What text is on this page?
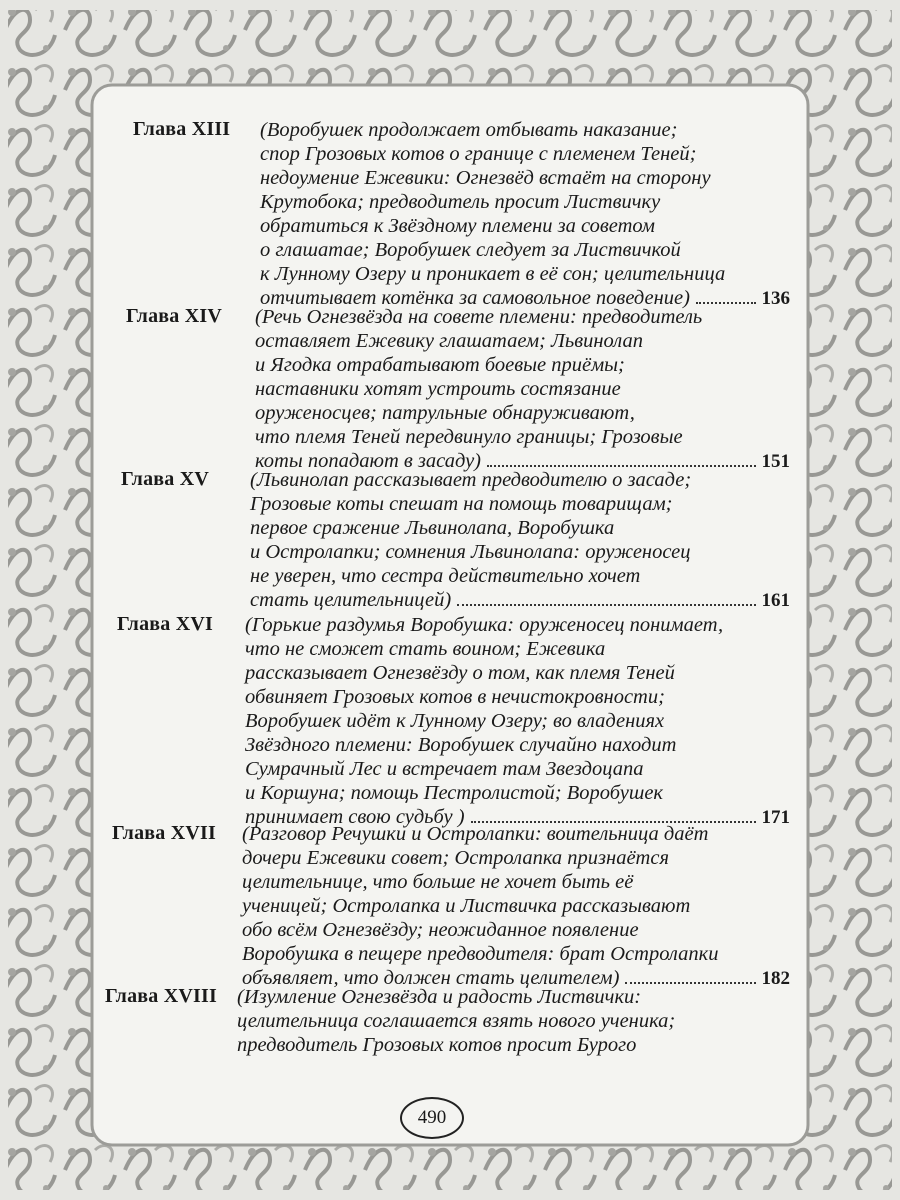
Глава XIII (Воробушек продолжает отбывать наказание;
спор Грозовых котов о границе с племенем Теней;
недоумение Ежевики: Огнезвёд встаёт на сторону
Крутобока; предводитель просит Листвичку
обратиться к Звёздному племени за советом
о глашатае; Воробушек следует за Листвичкой
к Лунному Озеру и проникает в её сон; целительница
отчитывает котёнка за самовольное поведение)	136
Глава XIV (Речь Огнезвёзда на совете племени: предводитель
оставляет Ежевику глашатаем; Львинолап
и Ягодка отрабатывают боевые приёмы;
наставники хотят устроить состязание
оруженосцев; патрульные обнаруживают,
что племя Теней передвинуло границы; Грозовые
коты попадают в засаду)	151
Глава XV (Львинолап рассказывает предводителю о засаде;
Грозовые коты спешат на помощь товарищам;
первое сражение Львинолапа, Воробушка
и Остролапки; сомнения Львинолапа: оруженосец
не уверен, что сестра действительно хочет
стать целительницей)	161
Глава XVI (Горькие раздумья Воробушка: оруженосец понимает,
что не сможет стать воином; Ежевика
рассказывает Огнезвёзду о том, как племя Теней
обвиняет Грозовых котов в нечистокровности;
Воробушек идёт к Лунному Озеру; во владениях
Звёздного племени: Воробушек случайно находит
Сумрачный Лес и встречает там Звездоцапа
и Коршуна; помощь Пестролистой; Воробушек
принимает свою судьбу )	171
Глава XVII (Разговор Речушки и Остролапки: воительница даёт
дочери Ежевики совет; Остролапка признаётся
целительнице, что больше не хочет быть её
ученицей; Остролапка и Листвичка рассказывают
обо всём Огнезвёзду; неожиданное появление
Воробушка в пещере предводителя: брат Остролапки
объявляет, что должен стать целителем)	182
Глава XVIII (Изумление Огнезвёзда и радость Листвички:
целительница соглашается взять нового ученика;
предводитель Грозовых котов просит Бурого
490
